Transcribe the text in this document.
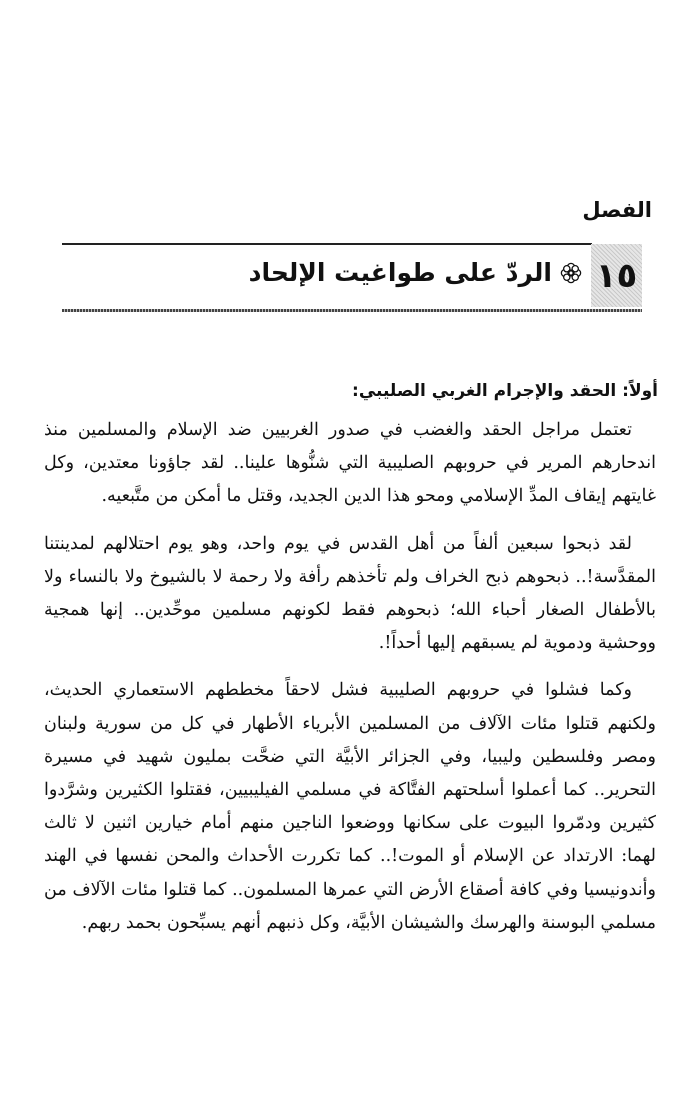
الفصل
١٥
الردّ على طواغيت الإلحاد
أولاً: الحقد والإجرام الغربي الصليبي:

تعتمل مراجل الحقد والغضب في صدور الغربيين ضد الإسلام والمسلمين منذ اندحارهم المرير في حروبهم الصليبية التي شنُّوها علينا.. لقد جاؤونا معتدين، وكل غايتهم إيقاف المدِّ الإسلامي ومحو هذا الدين الجديد، وقتل ما أمكن من متَّبعيه.

لقد ذبحوا سبعين ألفاً من أهل القدس في يوم واحد، وهو يوم احتلالهم لمدينتنا المقدَّسة!.. ذبحوهم ذبح الخراف ولم تأخذهم رأفة ولا رحمة لا بالشيوخ ولا بالنساء ولا بالأطفال الصغار أحباء الله؛ ذبحوهم فقط لكونهم مسلمين موحِّدين.. إنها همجية ووحشية ودموية لم يسبقهم إليها أحداً!.

وكما فشلوا في حروبهم الصليبية فشل لاحقاً مخططهم الاستعماري الحديث، ولكنهم قتلوا مئات الآلاف من المسلمين الأبرياء الأطهار في كل من سورية ولبنان ومصر وفلسطين وليبيا، وفي الجزائر الأبيَّة التي ضحَّت بمليون شهيد في مسيرة التحرير.. كما أعملوا أسلحتهم الفتَّاكة في مسلمي الفيليبيين، فقتلوا الكثيرين وشرَّدوا كثيرين ودمّروا البيوت على سكانها ووضعوا الناجين منهم أمام خيارين اثنين لا ثالث لهما: الارتداد عن الإسلام أو الموت!.. كما تكررت الأحداث والمحن نفسها في الهند وأندونيسيا وفي كافة أصقاع الأرض التي عمرها المسلمون.. كما قتلوا مئات الآلاف من مسلمي البوسنة والهرسك والشيشان الأبيَّة، وكل ذنبهم أنهم يسبِّحون بحمد ربهم.
